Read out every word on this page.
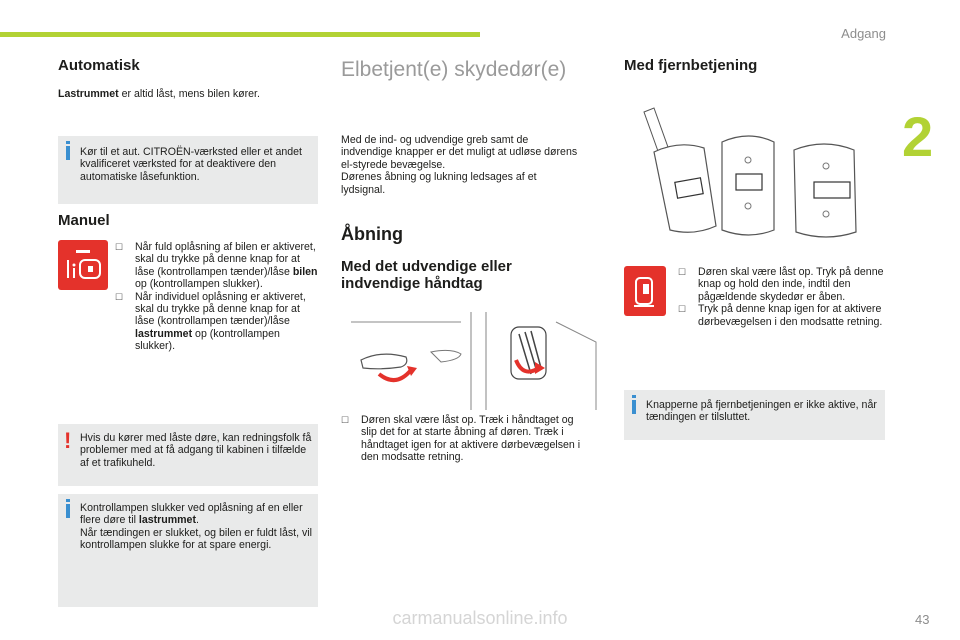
Adgang
2
Automatisk
Lastrummet er altid låst, mens bilen kører.
Kør til et aut. CITROËN-værksted eller et andet kvalificeret værksted for at deaktivere den automatiske låsefunktion.
Manuel
☐	Når fuld oplåsning af bilen er aktiveret, skal du trykke på denne knap for at låse (kontrollampen tænder)/låse bilen op (kontrollampen slukker).
☐	Når individuel oplåsning er aktiveret, skal du trykke på denne knap for at låse (kontrollampen tænder)/låse lastrummet op (kontrollampen slukker).
! Hvis du kører med låste døre, kan redningsfolk få problemer med at få adgang til kabinen i tilfælde af et trafikuheld.
Kontrollampen slukker ved oplåsning af en eller flere døre til lastrummet.
Når tændingen er slukket, og bilen er fuldt låst, vil kontrollampen slukke for at spare energi.
Elbetjent(e) skydedør(e)
Med de ind- og udvendige greb samt de indvendige knapper er det muligt at udløse dørens el-styrede bevægelse.
Dørenes åbning og lukning ledsages af et lydsignal.
Åbning
Med det udvendige eller indvendige håndtag
☐	Døren skal være låst op. Træk i håndtaget og slip det for at starte åbning af døren. Træk i håndtaget igen for at aktivere dørbevægelsen i den modsatte retning.
Med fjernbetjening
☐	Døren skal være låst op. Tryk på denne knap og hold den inde, indtil den pågældende skydedør er åben.
☐	Tryk på denne knap igen for at aktivere dørbevægelsen i den modsatte retning.
Knapperne på fjernbetjeningen er ikke aktive, når tændingen er tilsluttet.
carmanualsonline.info	43
